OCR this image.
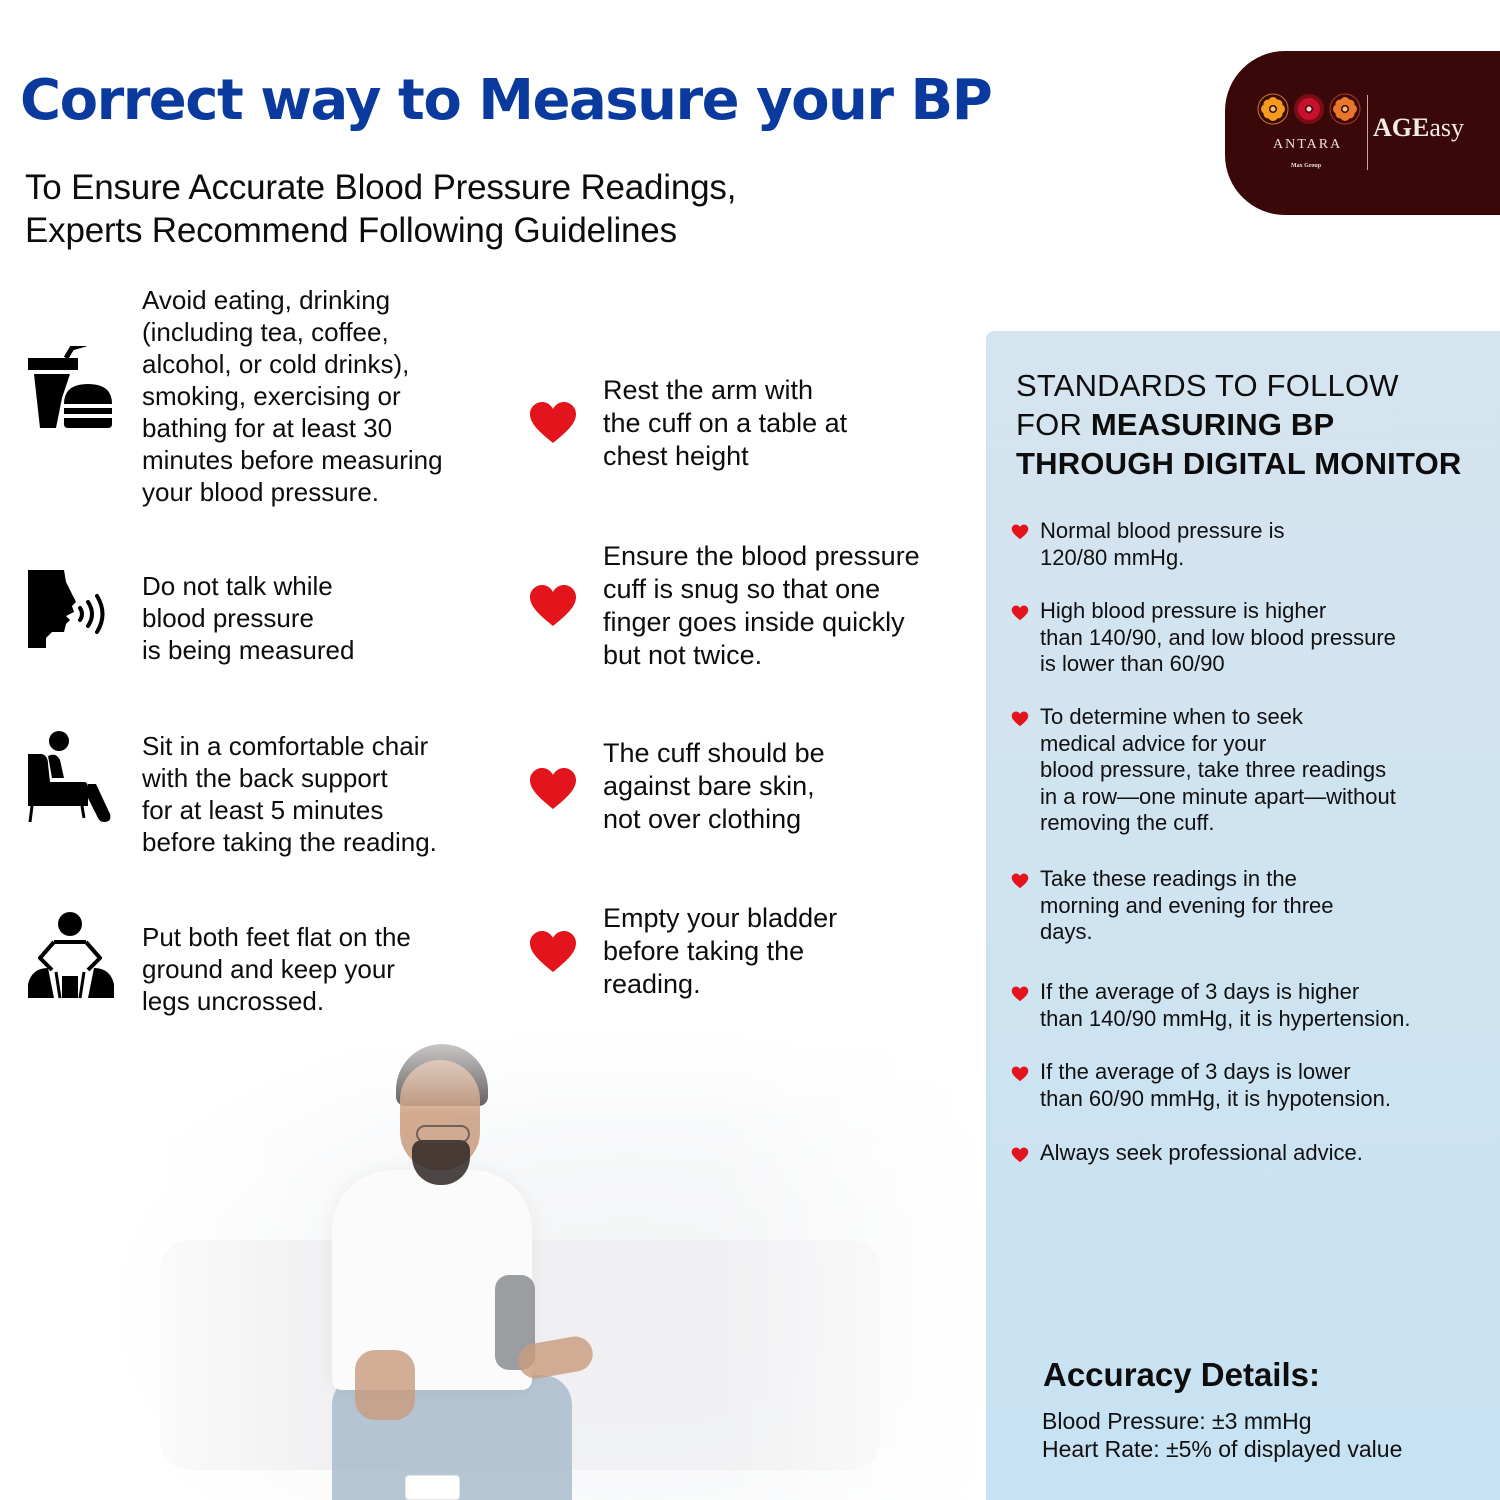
Correct way to Measure your BP
To Ensure Accurate Blood Pressure Readings,
Experts Recommend Following Guidelines
ANTARA
Max Group
AGEasy
Avoid eating, drinking
(including tea, coffee,
alcohol, or cold drinks),
smoking, exercising or
bathing for at least 30
minutes before measuring
your blood pressure.
Do not talk while
blood pressure
is being measured
Sit in a comfortable chair
with the back support
for at least 5 minutes
before taking the reading.
Put both feet flat on the
ground and keep your
legs uncrossed.
Rest the arm with
the cuff on a table at
chest height
Ensure the blood pressure
cuff is snug so that one
finger goes inside quickly
but not twice.
The cuff should be
against bare skin,
not over clothing
Empty your bladder
before taking the
reading.
STANDARDS TO FOLLOW
FOR MEASURING BP
THROUGH DIGITAL MONITOR
Normal blood pressure is
120/80 mmHg.
High blood pressure is higher
than 140/90, and low blood pressure
is lower than 60/90
To determine when to seek
medical advice for your
blood pressure, take three readings
in a row—one minute apart—without
removing the cuff.
Take these readings in the
morning and evening for three
days.
If the average of 3 days is higher
than 140/90 mmHg, it is hypertension.
If the average of 3 days is lower
than 60/90 mmHg, it is hypotension.
Always seek professional advice.
Accuracy Details:
Blood Pressure: ±3 mmHg
Heart Rate: ±5% of displayed value
